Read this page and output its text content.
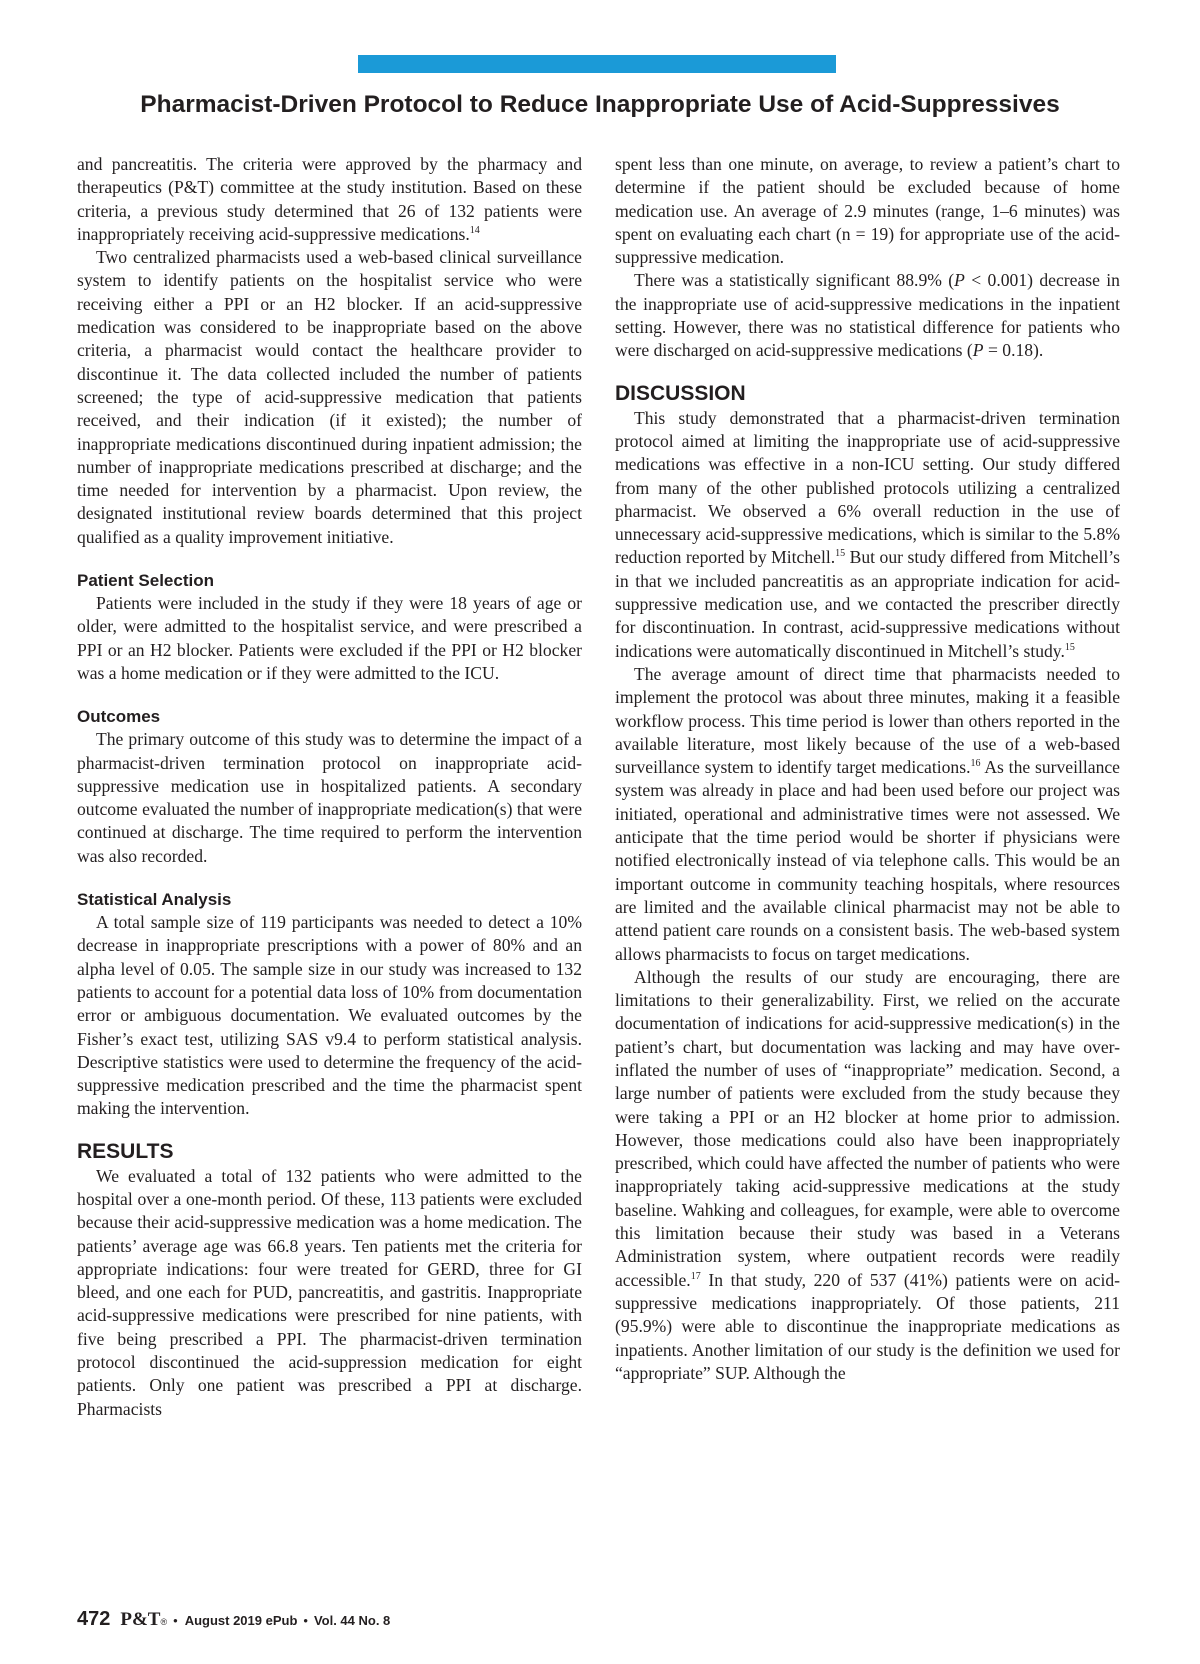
Pharmacist-Driven Protocol to Reduce Inappropriate Use of Acid-Suppressives

and pancreatitis. The criteria were approved by the pharmacy and therapeutics (P&T) committee at the study institution. Based on these criteria, a previous study determined that 26 of 132 patients were inappropriately receiving acid-suppressive medications.$^{14}$

Two centralized pharmacists used a web-based clinical surveillance system to identify patients on the hospitalist service who were receiving either a PPI or an H2 blocker. If an acid-suppressive medication was considered to be inappropriate based on the above criteria, a pharmacist would contact the healthcare provider to discontinue it. The data collected included the number of patients screened; the type of acid-suppressive medication that patients received, and their indication (if it existed); the number of inappropriate medications discontinued during inpatient admission; the number of inappropriate medications prescribed at discharge; and the time needed for intervention by a pharmacist. Upon review, the designated institutional review boards determined that this project qualified as a quality improvement initiative.

Patient Selection

Patients were included in the study if they were 18 years of age or older, were admitted to the hospitalist service, and were prescribed a PPI or an H2 blocker. Patients were excluded if the PPI or H2 blocker was a home medication or if they were admitted to the ICU.

Outcomes

The primary outcome of this study was to determine the impact of a pharmacist-driven termination protocol on inappropriate acid-suppressive medication use in hospitalized patients. A secondary outcome evaluated the number of inappropriate medication(s) that were continued at discharge. The time required to perform the intervention was also recorded.

Statistical Analysis

A total sample size of 119 participants was needed to detect a 10% decrease in inappropriate prescriptions with a power of 80% and an alpha level of 0.05. The sample size in our study was increased to 132 patients to account for a potential data loss of 10% from documentation error or ambiguous documentation. We evaluated outcomes by the Fisher’s exact test, utilizing SAS v9.4 to perform statistical analysis. Descriptive statistics were used to determine the frequency of the acid-suppressive medication prescribed and the time the pharmacist spent making the intervention.

RESULTS

We evaluated a total of 132 patients who were admitted to the hospital over a one-month period. Of these, 113 patients were excluded because their acid-suppressive medication was a home medication. The patients’ average age was 66.8 years. Ten patients met the criteria for appropriate indications: four were treated for GERD, three for GI bleed, and one each for PUD, pancreatitis, and gastritis. Inappropriate acid-suppressive medications were prescribed for nine patients, with five being prescribed a PPI. The pharmacist-driven termination protocol discontinued the acid-suppression medication for eight patients. Only one patient was prescribed a PPI at discharge. Pharmacists

spent less than one minute, on average, to review a patient’s chart to determine if the patient should be excluded because of home medication use. An average of 2.9 minutes (range, 1–6 minutes) was spent on evaluating each chart (n = 19) for appropriate use of the acid-suppressive medication.

There was a statistically significant 88.9% (P < 0.001) decrease in the inappropriate use of acid-suppressive medications in the inpatient setting. However, there was no statistical difference for patients who were discharged on acid-suppressive medications (P = 0.18).

DISCUSSION

This study demonstrated that a pharmacist-driven termination protocol aimed at limiting the inappropriate use of acid-suppressive medications was effective in a non-ICU setting. Our study differed from many of the other published protocols utilizing a centralized pharmacist. We observed a 6% overall reduction in the use of unnecessary acid-suppressive medications, which is similar to the 5.8% reduction reported by Mitchell.$^{15}$ But our study differed from Mitchell’s in that we included pancreatitis as an appropriate indication for acid-suppressive medication use, and we contacted the prescriber directly for discontinuation. In contrast, acid-suppressive medications without indications were automatically discontinued in Mitchell’s study.$^{15}$

The average amount of direct time that pharmacists needed to implement the protocol was about three minutes, making it a feasible workflow process. This time period is lower than others reported in the available literature, most likely because of the use of a web-based surveillance system to identify target medications.$^{16}$ As the surveillance system was already in place and had been used before our project was initiated, operational and administrative times were not assessed. We anticipate that the time period would be shorter if physicians were notified electronically instead of via telephone calls. This would be an important outcome in community teaching hospitals, where resources are limited and the available clinical pharmacist may not be able to attend patient care rounds on a consistent basis. The web-based system allows pharmacists to focus on target medications.

Although the results of our study are encouraging, there are limitations to their generalizability. First, we relied on the accurate documentation of indications for acid-suppressive medication(s) in the patient’s chart, but documentation was lacking and may have over-inflated the number of uses of “inappropriate” medication. Second, a large number of patients were excluded from the study because they were taking a PPI or an H2 blocker at home prior to admission. However, those medications could also have been inappropriately prescribed, which could have affected the number of patients who were inappropriately taking acid-suppressive medications at the study baseline. Wahking and colleagues, for example, were able to overcome this limitation because their study was based in a Veterans Administration system, where outpatient records were readily accessible.$^{17}$ In that study, 220 of 537 (41%) patients were on acid-suppressive medications inappropriately. Of those patients, 211 (95.9%) were able to discontinue the inappropriate medications as inpatients. Another limitation of our study is the definition we used for “appropriate” SUP. Although the

472 P&T ® • August 2019 ePub • Vol. 44 No. 8
